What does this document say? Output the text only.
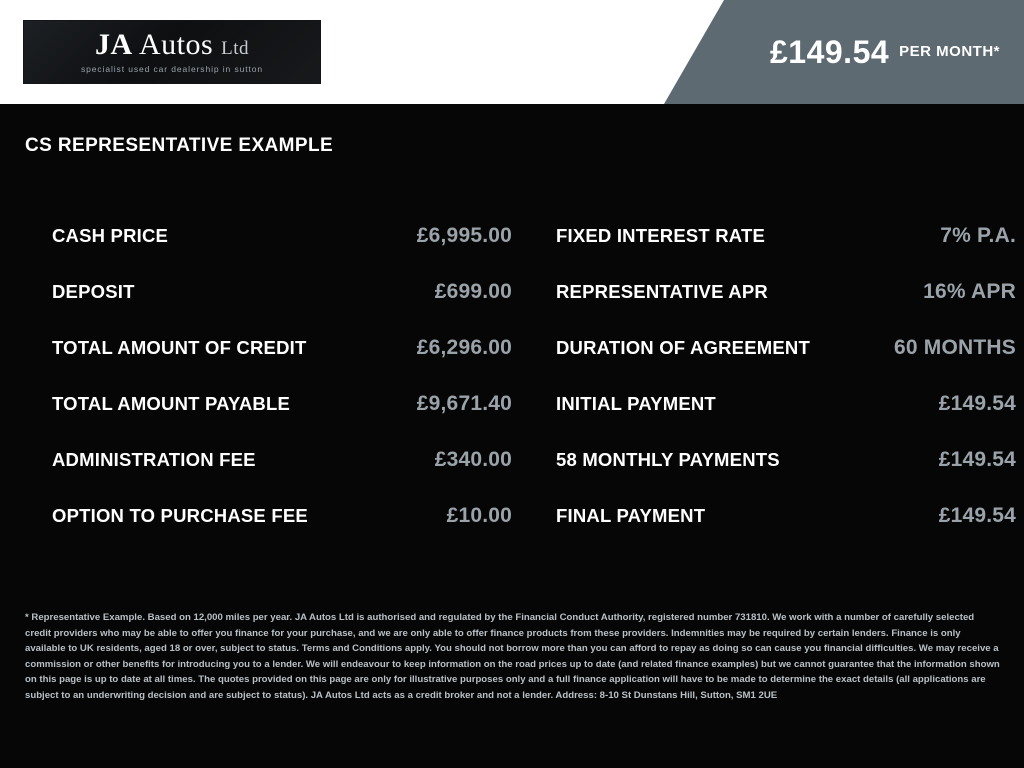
JA Autos Ltd
specialist used car dealership in sutton	£149.54 PER MONTH*
CS REPRESENTATIVE EXAMPLE
CASH PRICE	£6,995.00
DEPOSIT	£699.00
TOTAL AMOUNT OF CREDIT	£6,296.00
TOTAL AMOUNT PAYABLE	£9,671.40
ADMINISTRATION FEE	£340.00
OPTION TO PURCHASE FEE	£10.00
FIXED INTEREST RATE	7% P.A.
REPRESENTATIVE APR	16% APR
DURATION OF AGREEMENT	60 MONTHS
INITIAL PAYMENT	£149.54
58 MONTHLY PAYMENTS	£149.54
FINAL PAYMENT	£149.54
* Representative Example. Based on 12,000 miles per year. JA Autos Ltd is authorised and regulated by the Financial Conduct Authority, registered number 731810. We work with a number of carefully selected credit providers who may be able to offer you finance for your purchase, and we are only able to offer finance products from these providers. Indemnities may be required by certain lenders. Finance is only available to UK residents, aged 18 or over, subject to status. Terms and Conditions apply. You should not borrow more than you can afford to repay as doing so can cause you financial difficulties. We may receive a commission or other benefits for introducing you to a lender. We will endeavour to keep information on the road prices up to date (and related finance examples) but we cannot guarantee that the information shown on this page is up to date at all times. The quotes provided on this page are only for illustrative purposes only and a full finance application will have to be made to determine the exact details (all applications are subject to an underwriting decision and are subject to status). JA Autos Ltd acts as a credit broker and not a lender. Address: 8-10 St Dunstans Hill, Sutton, SM1 2UE
